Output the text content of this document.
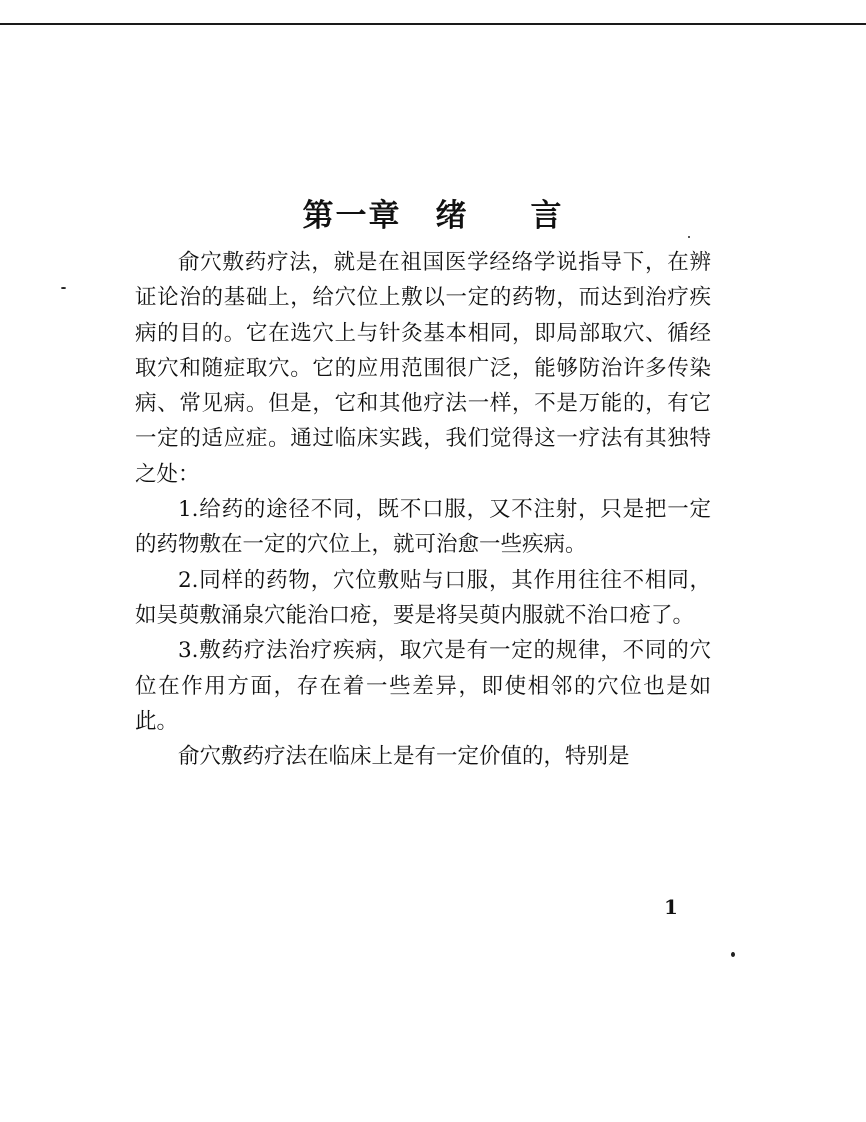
第一章 绪 言

俞穴敷药疗法，就是在祖国医学经络学说指导下，在辨证论治的基础上，给穴位上敷以一定的药物，而达到治疗疾病的目的。它在选穴上与针灸基本相同，即局部取穴、循经取穴和随症取穴。它的应用范围很广泛，能够防治许多传染病、常见病。但是，它和其他疗法一样，不是万能的，有它一定的适应症。通过临床实践，我们觉得这一疗法有其独特之处：

1.给药的途径不同，既不口服，又不注射，只是把一定的药物敷在一定的穴位上，就可治愈一些疾病。

2.同样的药物，穴位敷贴与口服，其作用往往不相同，如吴萸敷涌泉穴能治口疮，要是将吴萸内服就不治口疮了。

3.敷药疗法治疗疾病，取穴是有一定的规律，不同的穴位在作用方面，存在着一些差异，即使相邻的穴位也是如此。

俞穴敷药疗法在临床上是有一定价值的，特别是

1
